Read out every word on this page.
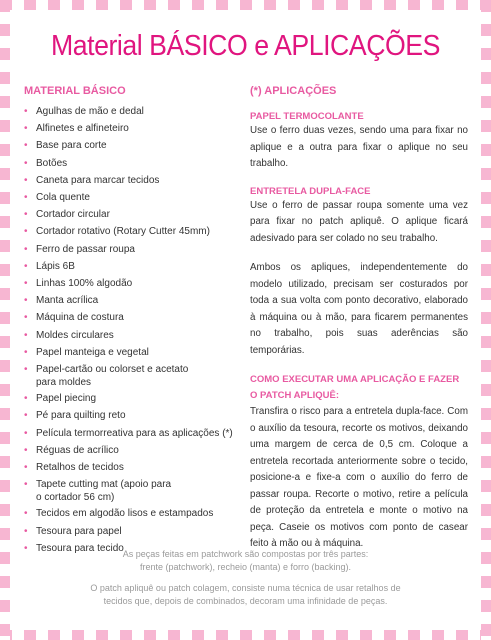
Material BÁSICO e APLICAÇÕES
MATERIAL BÁSICO
• Agulhas de mão e dedal
• Alfinetes e alfineteiro
• Base para corte
• Botões
• Caneta para marcar tecidos
• Cola quente
• Cortador circular
• Cortador rotativo (Rotary Cutter 45mm)
• Ferro de passar roupa
• Lápis 6B
• Linhas 100% algodão
• Manta acrílica
• Máquina de costura
• Moldes circulares
• Papel manteiga e vegetal
• Papel-cartão ou colorset e acetato
para moldes
• Papel piecing
• Pé para quilting reto
• Película termorreativa para as aplicações (*)
• Réguas de acrílico
• Retalhos de tecidos
• Tapete cutting mat (apoio para
o cortador 56 cm)
• Tecidos em algodão lisos e estampados
• Tesoura para papel
• Tesoura para tecido
(*) APLICAÇÕES
PAPEL TERMOCOLANTE

Use o ferro duas vezes, sendo uma para fixar no aplique e a outra para fixar o aplique no seu trabalho.

ENTRETELA DUPLA-FACE

Use o ferro de passar roupa somente uma vez para fixar no patch apliquê. O aplique ficará adesivado para ser colado no seu trabalho.

Ambos os apliques, independentemente do modelo utilizado, precisam ser costurados por toda a sua volta com ponto decorativo, elaborado à máquina ou à mão, para ficarem permanentes no trabalho, pois suas aderências são temporárias.

COMO EXECUTAR UMA APLICAÇÃO E FAZER O PATCH APLIQUÊ:

Transfira o risco para a entretela dupla-face. Com o auxílio da tesoura, recorte os motivos, deixando uma margem de cerca de 0,5 cm. Coloque a entretela recortada anteriormente sobre o tecido, posicione-a e fixe-a com o auxílio do ferro de passar roupa. Recorte o motivo, retire a película de proteção da entretela e monte o motivo na peça. Caseie os motivos com ponto de casear feito à mão ou à máquina.

As peças feitas em patchwork são compostas por três partes:
frente (patchwork), recheio (manta) e forro (backing).
O patch apliquê ou patch colagem, consiste numa técnica de usar retalhos de
tecidos que, depois de combinados, decoram uma infinidade de peças.
